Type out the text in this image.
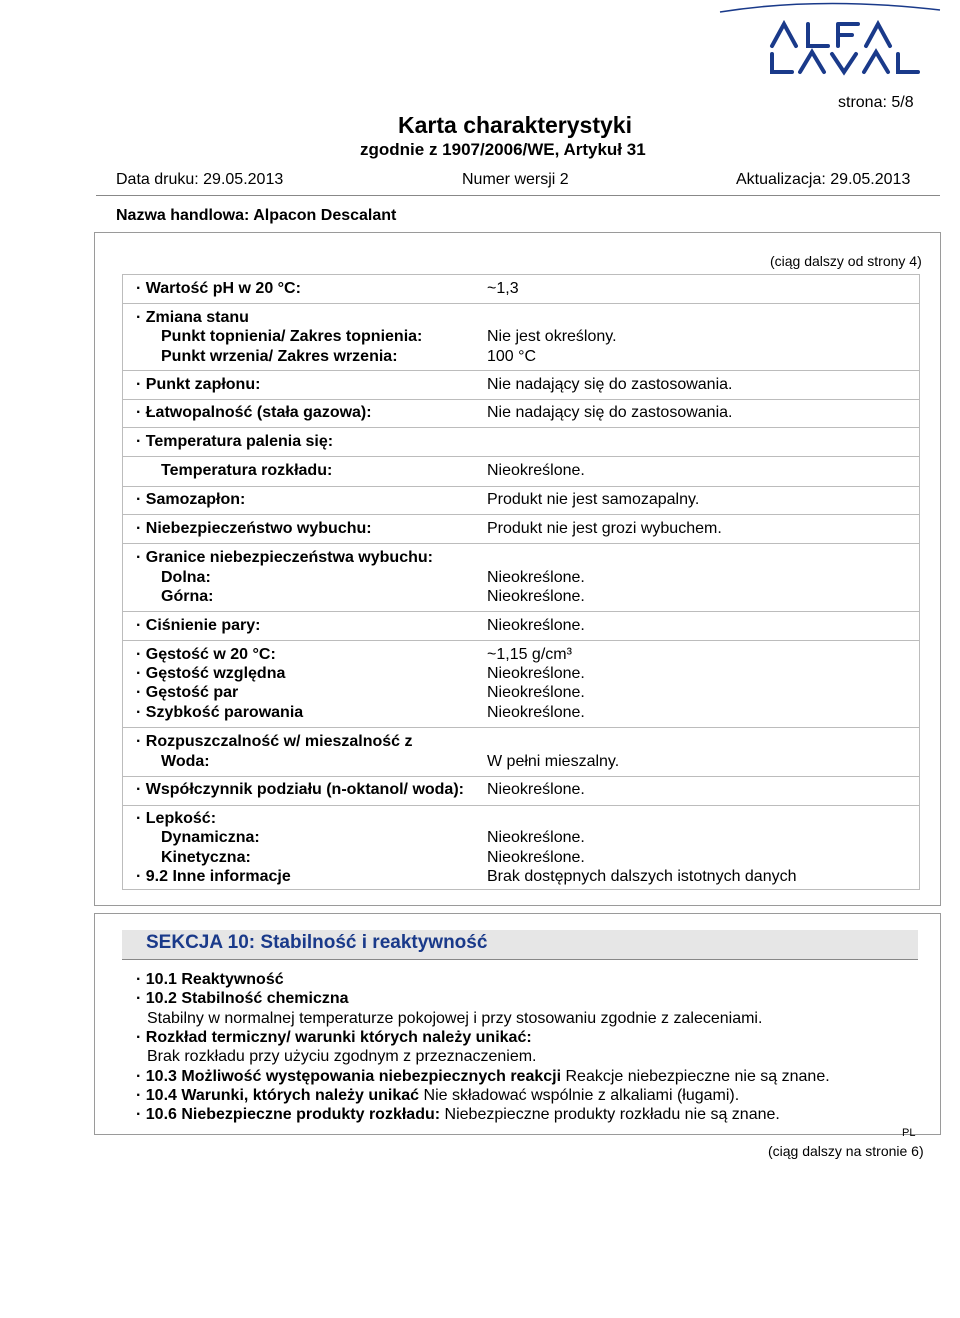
strona: 5/8
Karta charakterystyki
zgodnie z 1907/2006/WE, Artykuł 31
Data druku: 29.05.2013	Numer wersji 2	Aktualizacja: 29.05.2013
Nazwa handlowa: Alpacon Descalant
(ciąg dalszy od strony 4)
· Wartość pH w 20 °C:	~1,3
· Zmiana stanu
Punkt topnienia/ Zakres topnienia:	Nie jest określony.
Punkt wrzenia/ Zakres wrzenia:	100 °C
· Punkt zapłonu:	Nie nadający się do zastosowania.
· Łatwopalność (stała gazowa):	Nie nadający się do zastosowania.
· Temperatura palenia się:
Temperatura rozkładu:	Nieokreślone.
· Samozapłon:	Produkt nie jest samozapalny.
· Niebezpieczeństwo wybuchu:	Produkt nie jest grozi wybuchem.
· Granice niebezpieczeństwa wybuchu:
Dolna:	Nieokreślone.
Górna:	Nieokreślone.
· Ciśnienie pary:	Nieokreślone.
· Gęstość w 20 °C:	~1,15 g/cm³
· Gęstość względna	Nieokreślone.
· Gęstość par	Nieokreślone.
· Szybkość parowania	Nieokreślone.
· Rozpuszczalność w/ mieszalność z
Woda:	W pełni mieszalny.
· Współczynnik podziału (n-oktanol/ woda): Nieokreślone.
· Lepkość:
Dynamiczna:	Nieokreślone.
Kinetyczna:	Nieokreślone.
· 9.2 Inne informacje	Brak dostępnych dalszych istotnych danych
SEKCJA 10: Stabilność i reaktywność
· 10.1 Reaktywność
· 10.2 Stabilność chemiczna
Stabilny w normalnej temperaturze pokojowej i przy stosowaniu zgodnie z zaleceniami.
· Rozkład termiczny/ warunki których należy unikać:
Brak rozkładu przy użyciu zgodnym z przeznaczeniem.
· 10.3 Możliwość występowania niebezpiecznych reakcji Reakcje niebezpieczne nie są znane.
· 10.4 Warunki, których należy unikać Nie składować wspólnie z alkaliami (ługami).
· 10.6 Niebezpieczne produkty rozkładu: Niebezpieczne produkty rozkładu nie są znane.
PL
(ciąg dalszy na stronie 6)
